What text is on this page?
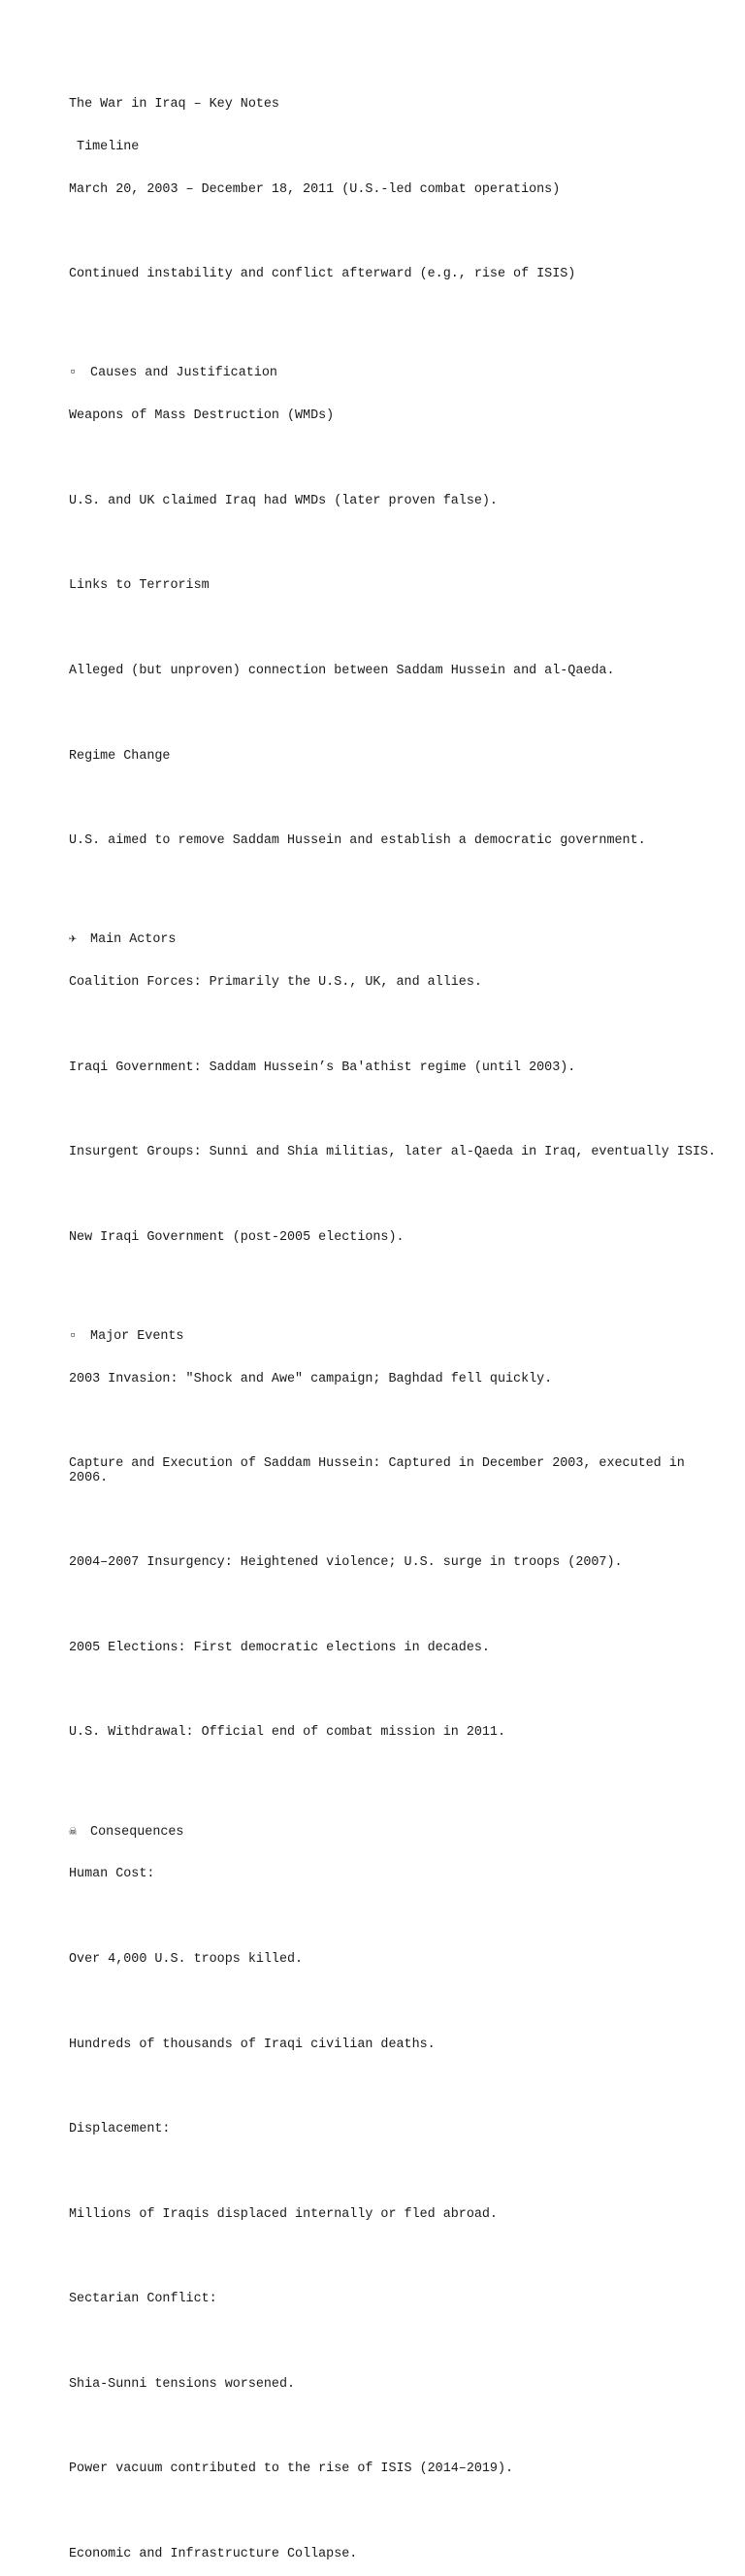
The War in Iraq – Key Notes

Timeline

March 20, 2003 – December 18, 2011 (U.S.-led combat operations)

Continued instability and conflict afterward (e.g., rise of ISIS)

▫ Causes and Justification

Weapons of Mass Destruction (WMDs)

U.S. and UK claimed Iraq had WMDs (later proven false).

Links to Terrorism

Alleged (but unproven) connection between Saddam Hussein and al-Qaeda.

Regime Change

U.S. aimed to remove Saddam Hussein and establish a democratic government.

✈ Main Actors

Coalition Forces: Primarily the U.S., UK, and allies.

Iraqi Government: Saddam Hussein’s Ba'athist regime (until 2003).

Insurgent Groups: Sunni and Shia militias, later al-Qaeda in Iraq, eventually ISIS.

New Iraqi Government (post-2005 elections).

▫ Major Events

2003 Invasion: "Shock and Awe" campaign; Baghdad fell quickly.

Capture and Execution of Saddam Hussein: Captured in December 2003, executed in 2006.

2004–2007 Insurgency: Heightened violence; U.S. surge in troops (2007).

2005 Elections: First democratic elections in decades.

U.S. Withdrawal: Official end of combat mission in 2011.

☠ Consequences

Human Cost:

Over 4,000 U.S. troops killed.

Hundreds of thousands of Iraqi civilian deaths.

Displacement:

Millions of Iraqis displaced internally or fled abroad.

Sectarian Conflict:

Shia-Sunni tensions worsened.

Power vacuum contributed to the rise of ISIS (2014–2019).

Economic and Infrastructure Collapse.
